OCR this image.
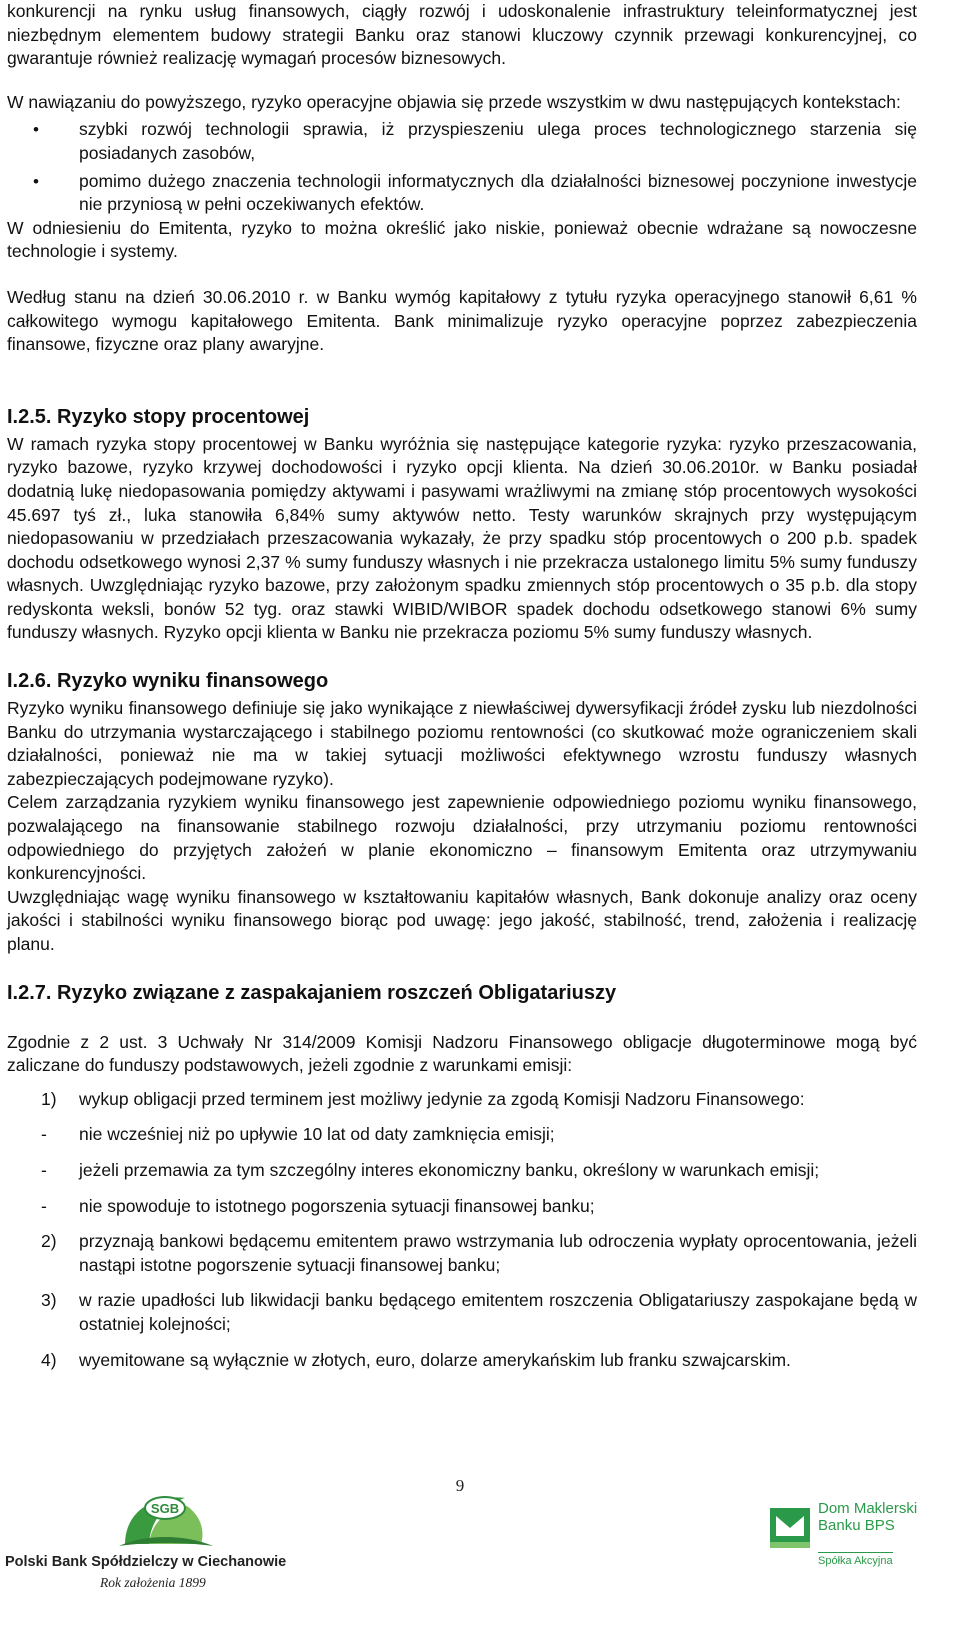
konkurencji na rynku usług finansowych, ciągły rozwój i udoskonalenie infrastruktury teleinformatycznej jest niezbędnym elementem budowy strategii Banku oraz stanowi kluczowy czynnik przewagi konkurencyjnej, co gwarantuje również realizację wymagań procesów biznesowych.

W nawiązaniu do powyższego, ryzyko operacyjne objawia się przede wszystkim w dwu następujących kontekstach:

• szybki rozwój technologii sprawia, iż przyspieszeniu ulega proces technologicznego starzenia się posiadanych zasobów,
• pomimo dużego znaczenia technologii informatycznych dla działalności biznesowej poczynione inwestycje nie przyniosą w pełni oczekiwanych efektów.

W odniesieniu do Emitenta, ryzyko to można określić jako niskie, ponieważ obecnie wdrażane są nowoczesne technologie i systemy.

Według stanu na dzień 30.06.2010 r. w Banku wymóg kapitałowy z tytułu ryzyka operacyjnego stanowił 6,61 % całkowitego wymogu kapitałowego Emitenta. Bank minimalizuje ryzyko operacyjne poprzez zabezpieczenia finansowe, fizyczne oraz plany awaryjne.

I.2.5. Ryzyko stopy procentowej

W ramach ryzyka stopy procentowej w Banku wyróżnia się następujące kategorie ryzyka: ryzyko przeszacowania, ryzyko bazowe, ryzyko krzywej dochodowości i ryzyko opcji klienta. Na dzień 30.06.2010r. w Banku posiadał dodatnią lukę niedopasowania pomiędzy aktywami i pasywami wrażliwymi na zmianę stóp procentowych wysokości 45.697 tyś zł., luka stanowiła 6,84% sumy aktywów netto. Testy warunków skrajnych przy występującym niedopasowaniu w przedziałach przeszacowania wykazały, że przy spadku stóp procentowych o 200 p.b. spadek dochodu odsetkowego wynosi 2,37 % sumy funduszy własnych i nie przekracza ustalonego limitu 5% sumy funduszy własnych. Uwzględniając ryzyko bazowe, przy założonym spadku zmiennych stóp procentowych o 35 p.b. dla stopy redyskonta weksli, bonów 52 tyg. oraz stawki WIBID/WIBOR spadek dochodu odsetkowego stanowi 6% sumy funduszy własnych. Ryzyko opcji klienta w Banku nie przekracza poziomu 5% sumy funduszy własnych.

I.2.6. Ryzyko wyniku finansowego

Ryzyko wyniku finansowego definiuje się jako wynikające z niewłaściwej dywersyfikacji źródeł zysku lub niezdolności Banku do utrzymania wystarczającego i stabilnego poziomu rentowności (co skutkować może ograniczeniem skali działalności, ponieważ nie ma w takiej sytuacji możliwości efektywnego wzrostu funduszy własnych zabezpieczających podejmowane ryzyko).

Celem zarządzania ryzykiem wyniku finansowego jest zapewnienie odpowiedniego poziomu wyniku finansowego, pozwalającego na finansowanie stabilnego rozwoju działalności, przy utrzymaniu poziomu rentowności odpowiedniego do przyjętych założeń w planie ekonomiczno – finansowym Emitenta oraz utrzymywaniu konkurencyjności.

Uwzględniając wagę wyniku finansowego w kształtowaniu kapitałów własnych, Bank dokonuje analizy oraz oceny jakości i stabilności wyniku finansowego biorąc pod uwagę: jego jakość, stabilność, trend, założenia i realizację planu.

I.2.7. Ryzyko związane z zaspakajaniem roszczeń Obligatariuszy

Zgodnie z 2 ust. 3 Uchwały Nr 314/2009 Komisji Nadzoru Finansowego obligacje długoterminowe mogą być zaliczane do funduszy podstawowych, jeżeli zgodnie z warunkami emisji:

1) wykup obligacji przed terminem jest możliwy jedynie za zgodą Komisji Nadzoru Finansowego:
- nie wcześniej niż po upływie 10 lat od daty zamknięcia emisji;
- jeżeli przemawia za tym szczególny interes ekonomiczny banku, określony w warunkach emisji;
- nie spowoduje to istotnego pogorszenia sytuacji finansowej banku;
2) przyznają bankowi będącemu emitentem prawo wstrzymania lub odroczenia wypłaty oprocentowania, jeżeli nastąpi istotne pogorszenie sytuacji finansowej banku;
3) w razie upadłości lub likwidacji banku będącego emitentem roszczenia Obligatariuszy zaspokajane będą w ostatniej kolejności;
4) wyemitowane są wyłącznie w złotych, euro, dolarze amerykańskim lub franku szwajcarskim.
9
SGB
Polski Bank Spółdzielczy w Ciechanowie
Rok założenia 1899
Dom Maklerski
Banku BPS
Spółka Akcyjna
